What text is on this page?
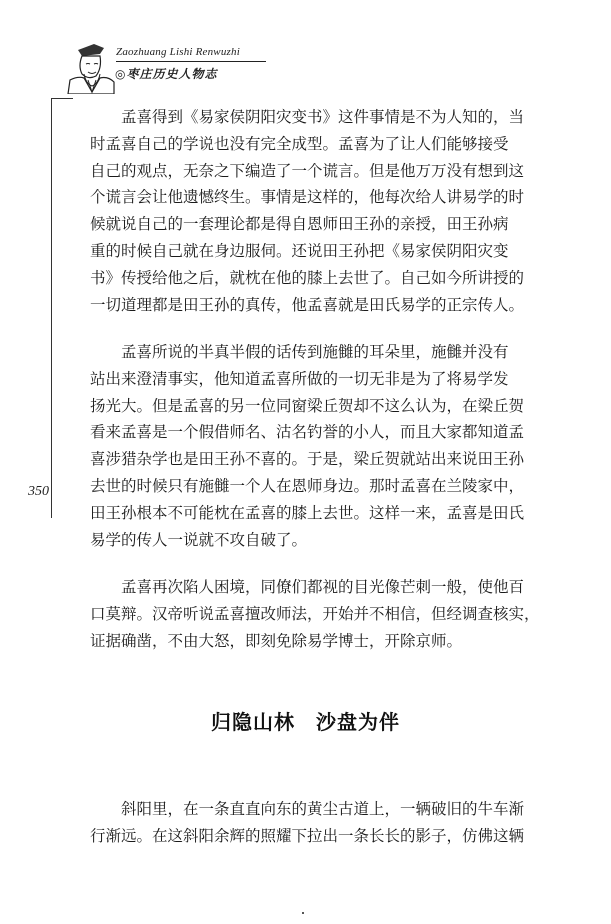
Zaozhuang Lishi Renwuzhi
◎枣庄历史人物志
350
　　孟喜得到《易家侯阴阳灾变书》这件事情是不为人知的，当
时孟喜自己的学说也没有完全成型。孟喜为了让人们能够接受
自己的观点，无奈之下编造了一个谎言。但是他万万没有想到这
个谎言会让他遗憾终生。事情是这样的，他每次给人讲易学的时
候就说自己的一套理论都是得自恩师田王孙的亲授，田王孙病
重的时候自己就在身边服伺。还说田王孙把《易家侯阴阳灾变
书》传授给他之后，就枕在他的膝上去世了。自己如今所讲授的
一切道理都是田王孙的真传，他孟喜就是田氏易学的正宗传人。
　　孟喜所说的半真半假的话传到施雠的耳朵里，施雠并没有
站出来澄清事实，他知道孟喜所做的一切无非是为了将易学发
扬光大。但是孟喜的另一位同窗梁丘贺却不这么认为，在梁丘贺
看来孟喜是一个假借师名、沽名钓誉的小人，而且大家都知道孟
喜涉猎杂学也是田王孙不喜的。于是，梁丘贺就站出来说田王孙
去世的时候只有施雠一个人在恩师身边。那时孟喜在兰陵家中，
田王孙根本不可能枕在孟喜的膝上去世。这样一来，孟喜是田氏
易学的传人一说就不攻自破了。
　　孟喜再次陷人困境，同僚们都视的目光像芒刺一般，使他百
口莫辩。汉帝听说孟喜擅改师法，开始并不相信，但经调查核实，
证据确凿，不由大怒，即刻免除易学博士，开除京师。
归隐山林　沙盘为伴
　　斜阳里，在一条直直向东的黄尘古道上，一辆破旧的牛车渐
行渐远。在这斜阳余辉的照耀下拉出一条长长的影子，仿佛这辆
